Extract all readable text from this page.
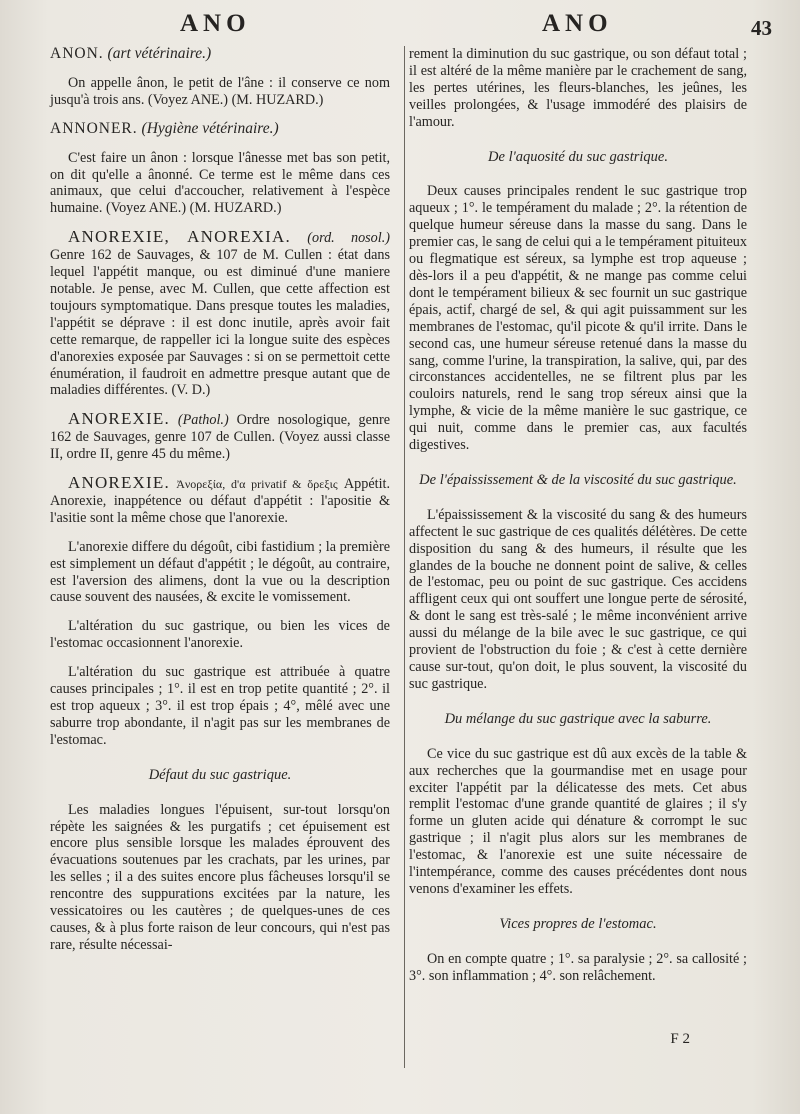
ANO	ANO	43

ANON. (art vétérinaire.)

On appelle ânon, le petit de l'âne : il conserve ce nom jusqu'à trois ans. (Voyez ANE.) (M. HUZARD.)

ANNONER. (Hygiène vétérinaire.)

C'est faire un ânon : lorsque l'ânesse met bas son petit, on dit qu'elle a ânonné. Ce terme est le même dans ces animaux, que celui d'accoucher, relativement à l'espèce humaine. (Voyez ANE.) (M. HUZARD.)

ANOREXIE, ANOREXIA. (ord. nosol.) Genre 162 de Sauvages, & 107 de M. Cullen : état dans lequel l'appétit manque, ou est diminué d'une maniere notable. Je pense, avec M. Cullen, que cette affection est toujours symptomatique. Dans presque toutes les maladies, l'appétit se déprave : il est donc inutile, après avoir fait cette remarque, de rappeller ici la longue suite des espèces d'anorexies exposée par Sauvages : si on se permettoit cette énumération, il faudroit en admettre presque autant que de maladies différentes. (V. D.)

ANOREXIE. (Pathol.) Ordre nosologique, genre 162 de Sauvages, genre 107 de Cullen. (Voyez aussi classe II, ordre II, genre 45 du même.)

ANOREXIE. Ἀνορεξία, d'α privatif & ὄρεξις Appétit. Anorexie, inappétence ou défaut d'appétit : l'apositie & l'asitie sont la même chose que l'anorexie.

L'anorexie differe du dégoût, cibi fastidium ; la première est simplement un défaut d'appétit ; le dégoût, au contraire, est l'aversion des alimens, dont la vue ou la description cause souvent des nausées, & excite le vomissement.

L'altération du suc gastrique, ou bien les vices de l'estomac occasionnent l'anorexie.

L'altération du suc gastrique est attribuée à quatre causes principales ; 1°. il est en trop petite quantité ; 2°. il est trop aqueux ; 3°. il est trop épais ; 4°, mêlé avec une saburre trop abondante, il n'agit pas sur les membranes de l'estomac.

Défaut du suc gastrique.

Les maladies longues l'épuisent, sur-tout lorsqu'on répète les saignées & les purgatifs ; cet épuisement est encore plus sensible lorsque les malades éprouvent des évacuations soutenues par les crachats, par les urines, par les selles ; il a des suites encore plus fâcheuses lorsqu'il se rencontre des suppurations excitées par la nature, les vessicatoires ou les cautères ; de quelques-unes de ces causes, & à plus forte raison de leur concours, qui n'est pas rare, résulte nécessai-

rement la diminution du suc gastrique, ou son défaut total ; il est altéré de la même manière par le crachement de sang, les pertes utérines, les fleurs-blanches, les jeûnes, les veilles prolongées, & l'usage immodéré des plaisirs de l'amour.

De l'aquosité du suc gastrique.

Deux causes principales rendent le suc gastrique trop aqueux ; 1°. le tempérament du malade ; 2°. la rétention de quelque humeur séreuse dans la masse du sang. Dans le premier cas, le sang de celui qui a le tempérament pituiteux ou flegmatique est séreux, sa lymphe est trop aqueuse ; dès-lors il a peu d'appétit, & ne mange pas comme celui dont le tempérament bilieux & sec fournit un suc gastrique épais, actif, chargé de sel, & qui agit puissamment sur les membranes de l'estomac, qu'il picote & qu'il irrite. Dans le second cas, une humeur séreuse retenué dans la masse du sang, comme l'urine, la transpiration, la salive, qui, par des circonstances accidentelles, ne se filtrent plus par les couloirs naturels, rend le sang trop séreux ainsi que la lymphe, & vicie de la même manière le suc gastrique, ce qui nuit, comme dans le premier cas, aux facultés digestives.

De l'épaississement & de la viscosité du suc gastrique.

L'épaississement & la viscosité du sang & des humeurs affectent le suc gastrique de ces qualités délétères. De cette disposition du sang & des humeurs, il résulte que les glandes de la bouche ne donnent point de salive, & celles de l'estomac, peu ou point de suc gastrique. Ces accidens affligent ceux qui ont souffert une longue perte de sérosité, & dont le sang est très-salé ; le même inconvénient arrive aussi du mélange de la bile avec le suc gastrique, ce qui provient de l'obstruction du foie ; & c'est à cette dernière cause sur-tout, qu'on doit, le plus souvent, la viscosité du suc gastrique.

Du mélange du suc gastrique avec la saburre.

Ce vice du suc gastrique est dû aux excès de la table & aux recherches que la gourmandise met en usage pour exciter l'appétit par la délicatesse des mets. Cet abus remplit l'estomac d'une grande quantité de glaires ; il s'y forme un gluten acide qui dénature & corrompt le suc gastrique ; il n'agit plus alors sur les membranes de l'estomac, & l'anorexie est une suite nécessaire de l'intempérance, comme des causes précédentes dont nous venons d'examiner les effets.

Vices propres de l'estomac.

On en compte quatre ; 1°. sa paralysie ; 2°. sa callosité ; 3°. son inflammation ; 4°. son relâchement.

F 2
